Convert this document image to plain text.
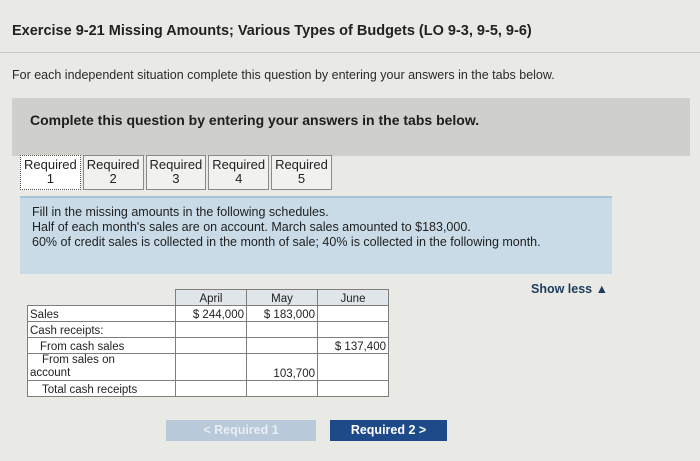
Exercise 9-21 Missing Amounts; Various Types of Budgets (LO 9-3, 9-5, 9-6)
For each independent situation complete this question by entering your answers in the tabs below.
Complete this question by entering your answers in the tabs below.
Required
1
Required
2
Required
3
Required
4
Required
5
Fill in the missing amounts in the following schedules.
Half of each month's sales are on account. March sales amounted to $183,000.
60% of credit sales is collected in the month of sale; 40% is collected in the following month.
Show less ▲
	April	May	June
Sales	$ 244,000	$ 183,000	
Cash receipts:			
From cash sales			$ 137,400

From sales on
account		103,700	
Total cash receipts			
< Required 1	Required 2 >
